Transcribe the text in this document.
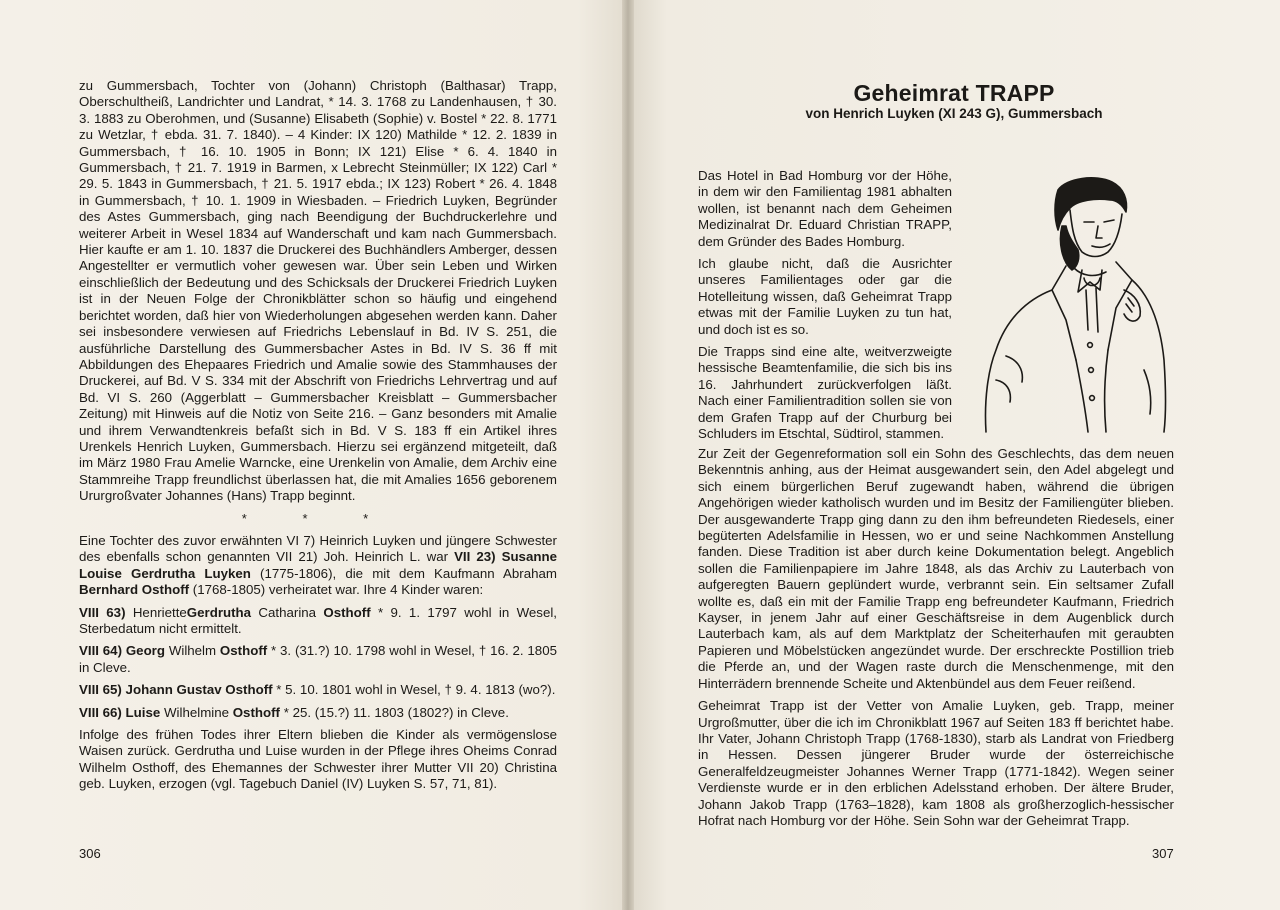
zu Gummersbach, Tochter von (Johann) Christoph (Balthasar) Trapp, Oberschultheiß, Landrichter und Landrat, * 14. 3. 1768 zu Landenhausen, † 30. 3. 1883 zu Oberohmen, und (Susanne) Elisabeth (Sophie) v. Bostel * 22. 8. 1771 zu Wetzlar, † ebda. 31. 7. 1840). – 4 Kinder: IX 120) Mathilde * 12. 2. 1839 in Gummersbach, † 16. 10. 1905 in Bonn; IX 121) Elise * 6. 4. 1840 in Gummersbach, † 21. 7. 1919 in Barmen, x Lebrecht Steinmüller; IX 122) Carl * 29. 5. 1843 in Gummersbach, † 21. 5. 1917 ebda.; IX 123) Robert * 26. 4. 1848 in Gummersbach, † 10. 1. 1909 in Wiesbaden. – Friedrich Luyken, Begründer des Astes Gummersbach, ging nach Beendigung der Buchdruckerlehre und weiterer Arbeit in Wesel 1834 auf Wanderschaft und kam nach Gummersbach. Hier kaufte er am 1. 10. 1837 die Druckerei des Buchhändlers Amberger, dessen Angestellter er vermutlich voher gewesen war. Über sein Leben und Wirken einschließlich der Bedeutung und des Schicksals der Druckerei Friedrich Luyken ist in der Neuen Folge der Chronikblätter schon so häufig und eingehend berichtet worden, daß hier von Wiederholungen abgesehen werden kann. Daher sei insbesondere verwiesen auf Friedrichs Lebenslauf in Bd. IV S. 251, die ausführliche Darstellung des Gummersbacher Astes in Bd. IV S. 36 ff mit Abbildungen des Ehepaares Friedrich und Amalie sowie des Stammhauses der Druckerei, auf Bd. V S. 334 mit der Abschrift von Friedrichs Lehrvertrag und auf Bd. VI S. 260 (Aggerblatt – Gummersbacher Kreisblatt – Gummersbacher Zeitung) mit Hinweis auf die Notiz von Seite 216. – Ganz besonders mit Amalie und ihrem Verwandtenkreis befaßt sich in Bd. V S. 183 ff ein Artikel ihres Urenkels Henrich Luyken, Gummersbach. Hierzu sei ergänzend mitgeteilt, daß im März 1980 Frau Amelie Warncke, eine Urenkelin von Amalie, dem Archiv eine Stammreihe Trapp freundlichst überlassen hat, die mit Amalies 1656 geborenem Ururgroßvater Johannes (Hans) Trapp beginnt.

* * *

Eine Tochter des zuvor erwähnten VI 7) Heinrich Luyken und jüngere Schwester des ebenfalls schon genannten VII 21) Joh. Heinrich L. war VII 23) Susanne Louise Gerdrutha Luyken (1775-1806), die mit dem Kaufmann Abraham Bernhard Osthoff (1768-1805) verheiratet war. Ihre 4 Kinder waren:

VIII 63) HenrietteGerdrutha Catharina Osthoff * 9. 1. 1797 wohl in Wesel, Sterbedatum nicht ermittelt.

VIII 64) Georg Wilhelm Osthoff * 3. (31.?) 10. 1798 wohl in Wesel, † 16. 2. 1805 in Cleve.

VIII 65) Johann Gustav Osthoff * 5. 10. 1801 wohl in Wesel, † 9. 4. 1813 (wo?).

VIII 66) Luise Wilhelmine Osthoff * 25. (15.?) 11. 1803 (1802?) in Cleve.

Infolge des frühen Todes ihrer Eltern blieben die Kinder als vermögenslose Waisen zurück. Gerdrutha und Luise wurden in der Pflege ihres Oheims Conrad Wilhelm Osthoff, des Ehemannes der Schwester ihrer Mutter VII 20) Christina geb. Luyken, erzogen (vgl. Tagebuch Daniel (IV) Luyken S. 57, 71, 81).

306
Geheimrat TRAPP
von Henrich Luyken (XI 243 G), Gummersbach

Das Hotel in Bad Homburg vor der Höhe, in dem wir den Familientag 1981 abhalten wollen, ist benannt nach dem Geheimen Medizinalrat Dr. Eduard Christian TRAPP, dem Gründer des Bades Homburg.

Ich glaube nicht, daß die Ausrichter unseres Familientages oder gar die Hotelleitung wissen, daß Geheimrat Trapp etwas mit der Familie Luyken zu tun hat, und doch ist es so.

Die Trapps sind eine alte, weitverzweigte hessische Beamtenfamilie, die sich bis ins 16. Jahrhundert zurückverfolgen läßt. Nach einer Familientradition sollen sie von dem Grafen Trapp auf der Churburg bei Schluders im Etschtal, Südtirol, stammen.

Zur Zeit der Gegenreformation soll ein Sohn des Geschlechts, das dem neuen Bekenntnis anhing, aus der Heimat ausgewandert sein, den Adel abgelegt und sich einem bürgerlichen Beruf zugewandt haben, während die übrigen Angehörigen wieder katholisch wurden und im Besitz der Familiengüter blieben. Der ausgewanderte Trapp ging dann zu den ihm befreundeten Riedesels, einer begüterten Adelsfamilie in Hessen, wo er und seine Nachkommen Anstellung fanden. Diese Tradition ist aber durch keine Dokumentation belegt. Angeblich sollen die Familienpapiere im Jahre 1848, als das Archiv zu Lauterbach von aufgeregten Bauern geplündert wurde, verbrannt sein. Ein seltsamer Zufall wollte es, daß ein mit der Familie Trapp eng befreundeter Kaufmann, Friedrich Kayser, in jenem Jahr auf einer Geschäftsreise in dem Augenblick durch Lauterbach kam, als auf dem Marktplatz der Scheiterhaufen mit geraubten Papieren und Möbelstücken angezündet wurde. Der erschreckte Postillion trieb die Pferde an, und der Wagen raste durch die Menschenmenge, mit den Hinterrädern brennende Scheite und Aktenbündel aus dem Feuer reißend.

Geheimrat Trapp ist der Vetter von Amalie Luyken, geb. Trapp, meiner Urgroßmutter, über die ich im Chronikblatt 1967 auf Seiten 183 ff berichtet habe. Ihr Vater, Johann Christoph Trapp (1768-1830), starb als Landrat von Friedberg in Hessen. Dessen jüngerer Bruder wurde der österreichische Generalfeldzeugmeister Johannes Werner Trapp (1771-1842). Wegen seiner Verdienste wurde er in den erblichen Adelsstand erhoben. Der ältere Bruder, Johann Jakob Trapp (1763–1828), kam 1808 als großherzoglich-hessischer Hofrat nach Homburg vor der Höhe. Sein Sohn war der Geheimrat Trapp.

307
